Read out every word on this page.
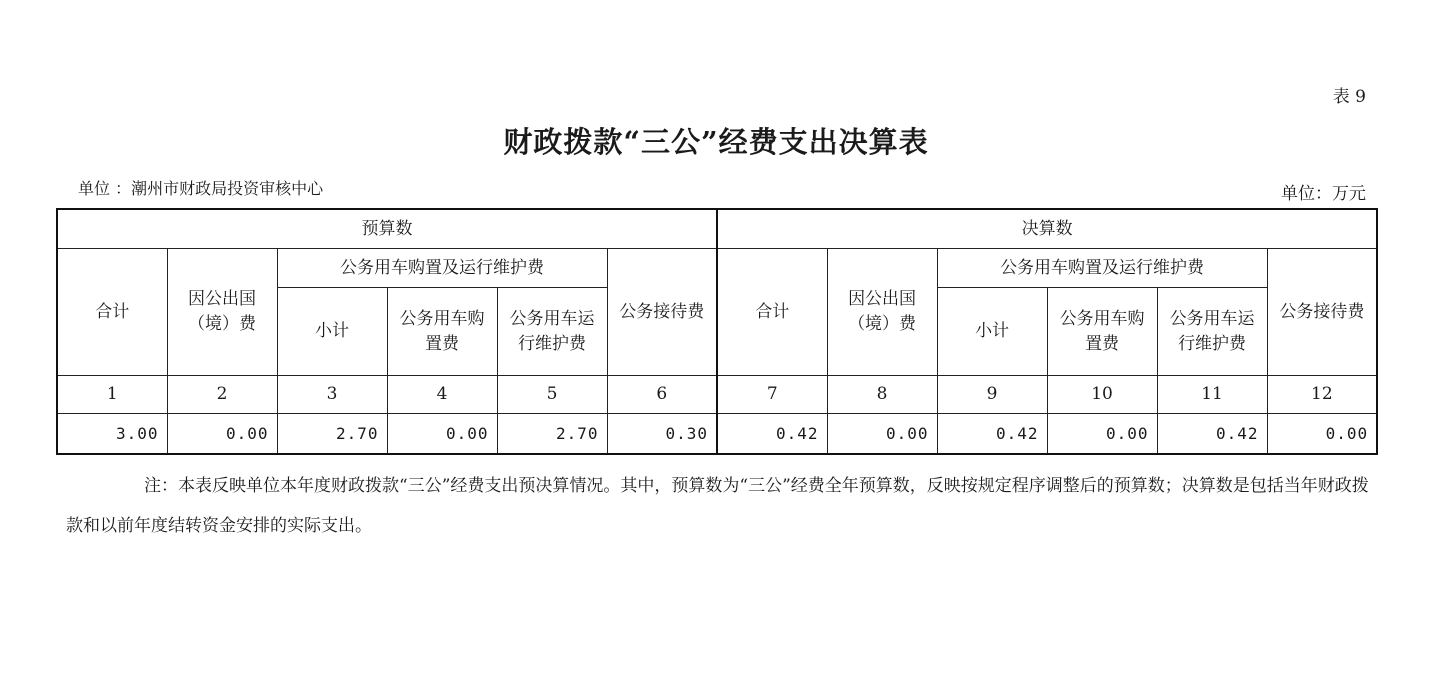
表 9
财政拨款“三公”经费支出决算表
单位 ：潮州市财政局投资审核中心	单位：万元
预算数						决算数					
合计	因公出国（境）费	公务用车购置及运行维护费			公务接待费	合计	因公出国（境）费	公务用车购置及运行维护费			公务接待费
		小计	公务用车购置费	公务用车运行维护费				小计	公务用车购置费	公务用车运行维护费	
1	2	3	4	5	6	7	8	9	10	11	12
3.00	0.00	2.70	0.00	2.70	0.30	0.42	0.00	0.42	0.00	0.42	0.00
注：本表反映单位本年度财政拨款“三公”经费支出预决算情况。其中，预算数为“三公”经费全年预算数，反映按规定程序调整后的预算数；决算数是包括当年财政拨款和以前年度结转资金安排的实际支出。
